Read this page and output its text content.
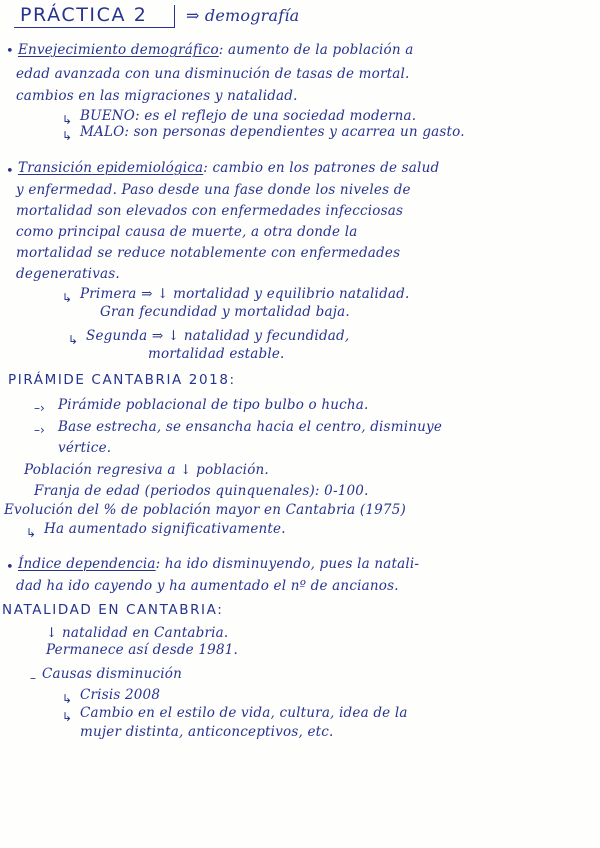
PRÁCTICA 2 ⇒ demografía
• Envejecimiento demográfico: aumento de la población a
edad avanzada con una disminución de tasas de mortal.
cambios en las migraciones y natalidad.
↳ BUENO: es el reflejo de una sociedad moderna.
↳ MALO: son personas dependientes y acarrea un gasto.
• Transición epidemiológica: cambio en los patrones de salud
y enfermedad. Paso desde una fase donde los niveles de
mortalidad son elevados con enfermedades infecciosas
como principal causa de muerte, a otra donde la
mortalidad se reduce notablemente con enfermedades
degenerativas.
↳ Primera ⇒ ↓ mortalidad y equilibrio natalidad.
Gran fecundidad y mortalidad baja.
↳ Segunda ⇒ ↓ natalidad y fecundidad,
mortalidad estable.
PIRÁMIDE CANTABRIA 2018:
–› Pirámide poblacional de tipo bulbo o hucha.
–› Base estrecha, se ensancha hacia el centro, disminuye
vértice.
Población regresiva a ↓ población.
Franja de edad (periodos quinquenales): 0-100.
Evolución del % de población mayor en Cantabria (1975)
↳ Ha aumentado significativamente.
• Índice dependencia: ha ido disminuyendo, pues la natali-
dad ha ido cayendo y ha aumentado el nº de ancianos.
NATALIDAD EN CANTABRIA:
↓ natalidad en Cantabria.
Permanece así desde 1981.
– Causas disminución
↳ Crisis 2008
↳ Cambio en el estilo de vida, cultura, idea de la
mujer distinta, anticonceptivos, etc.
